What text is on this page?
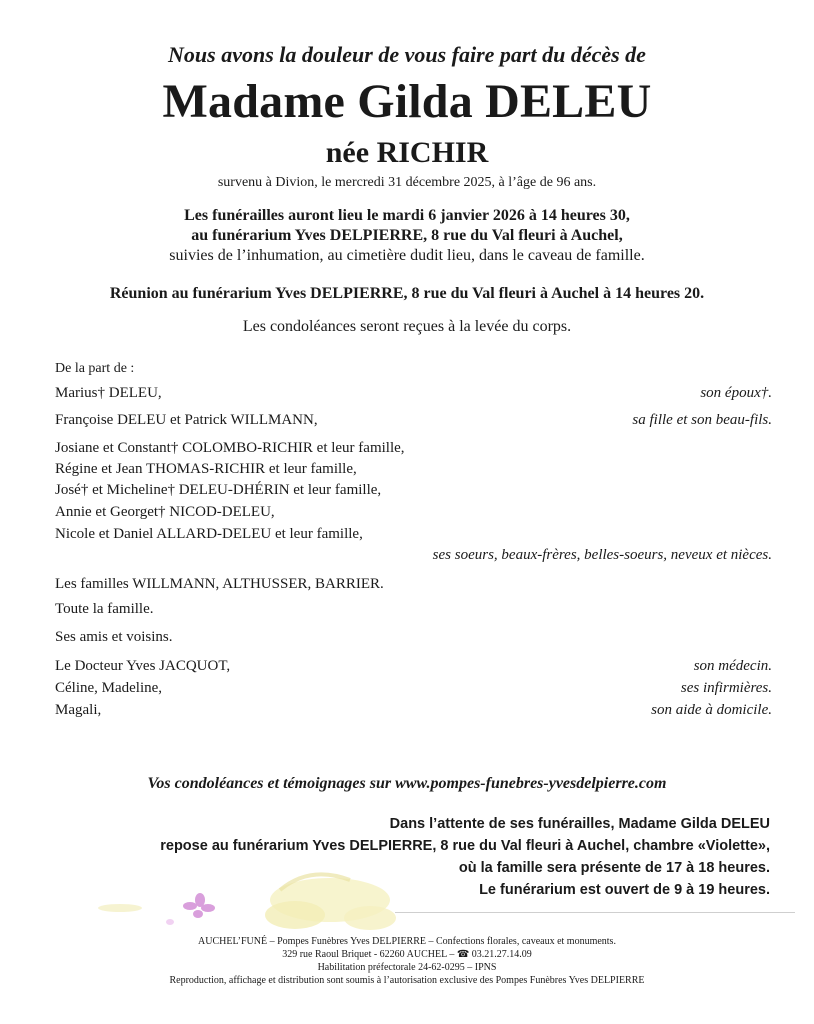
Nous avons la douleur de vous faire part du décès de
Madame Gilda DELEU
née RICHIR
survenu à Divion, le mercredi 31 décembre 2025, à l’âge de 96 ans.
Les funérailles auront lieu le mardi 6 janvier 2026 à 14 heures 30,
au funérarium Yves DELPIERRE, 8 rue du Val fleuri à Auchel,
suivies de l’inhumation, au cimetière dudit lieu, dans le caveau de famille.
Réunion au funérarium Yves DELPIERRE, 8 rue du Val fleuri à Auchel à 14 heures 20.
Les condoléances seront reçues à la levée du corps.
De la part de :
Marius† DELEU,	son époux†.
Françoise DELEU et Patrick WILLMANN,	sa fille et son beau-fils.
Josiane et Constant† COLOMBO-RICHIR et leur famille,
Régine et Jean THOMAS-RICHIR et leur famille,
José† et Micheline† DELEU-DHÉRIN et leur famille,
Annie et Georget† NICOD-DELEU,
Nicole et Daniel ALLARD-DELEU et leur famille,
ses soeurs, beaux-frères, belles-soeurs, neveux et nièces.
Les familles WILLMANN, ALTHUSSER, BARRIER.
Toute la famille.
Ses amis et voisins.
Le Docteur Yves JACQUOT,	son médecin.
Céline, Madeline,	ses infirmières.
Magali,	son aide à domicile.
Vos condoléances et témoignages sur www.pompes-funebres-yvesdelpierre.com
Dans l’attente de ses funérailles, Madame Gilda DELEU
repose au funérarium Yves DELPIERRE, 8 rue du Val fleuri à Auchel, chambre «Violette»,
où la famille sera présente de 17 à 18 heures.
Le funérarium est ouvert de 9 à 19 heures.
AUCHEL’FUNÉ – Pompes Funèbres Yves DELPIERRE – Confections florales, caveaux et monuments.
329 rue Raoul Briquet - 62260 AUCHEL – ☎ 03.21.27.14.09
Habilitation préfectorale 24-62-0295 – IPNS
Reproduction, affichage et distribution sont soumis à l’autorisation exclusive des Pompes Funèbres Yves DELPIERRE
